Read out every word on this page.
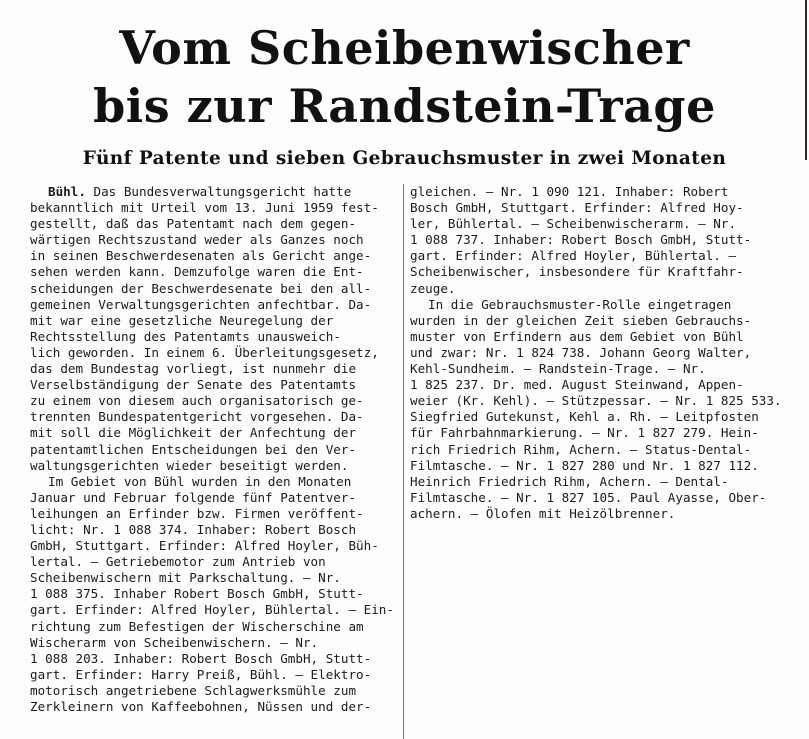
Vom Scheibenwischer
bis zur Randstein-Trage
Fünf Patente und sieben Gebrauchsmuster in zwei Monaten

Bühl. Das Bundesverwaltungsgericht hatte
bekanntlich mit Urteil vom 13. Juni 1959 fest-
gestellt, daß das Patentamt nach dem gegen-
wärtigen Rechtszustand weder als Ganzes noch
in seinen Beschwerdesenaten als Gericht ange-
sehen werden kann. Demzufolge waren die Ent-
scheidungen der Beschwerdesenate bei den all-
gemeinen Verwaltungsgerichten anfechtbar. Da-
mit war eine gesetzliche Neuregelung der
Rechtsstellung des Patentamts unausweich-
lich geworden. In einem 6. Überleitungsgesetz,
das dem Bundestag vorliegt, ist nunmehr die
Verselbständigung der Senate des Patentamts
zu einem von diesem auch organisatorisch ge-
trennten Bundespatentgericht vorgesehen. Da-
mit soll die Möglichkeit der Anfechtung der
patentamtlichen Entscheidungen bei den Ver-
waltungsgerichten wieder beseitigt werden.

Im Gebiet von Bühl wurden in den Monaten
Januar und Februar folgende fünf Patentver-
leihungen an Erfinder bzw. Firmen veröffent-
licht: Nr. 1 088 374. Inhaber: Robert Bosch
GmbH, Stuttgart. Erfinder: Alfred Hoyler, Büh-
lertal. — Getriebemotor zum Antrieb von
Scheibenwischern mit Parkschaltung. — Nr.
1 088 375. Inhaber Robert Bosch GmbH, Stutt-
gart. Erfinder: Alfred Hoyler, Bühlertal. — Ein-
richtung zum Befestigen der Wischerschine am
Wischerarm von Scheibenwischern. — Nr.
1 088 203. Inhaber: Robert Bosch GmbH, Stutt-
gart. Erfinder: Harry Preiß, Bühl. — Elektro-
motorisch angetriebene Schlagwerksmühle zum
Zerkleinern von Kaffeebohnen, Nüssen und der-

gleichen. — Nr. 1 090 121. Inhaber: Robert
Bosch GmbH, Stuttgart. Erfinder: Alfred Hoy-
ler, Bühlertal. — Scheibenwischerarm. — Nr.
1 088 737. Inhaber: Robert Bosch GmbH, Stutt-
gart. Erfinder: Alfred Hoyler, Bühlertal. —
Scheibenwischer, insbesondere für Kraftfahr-
zeuge.

In die Gebrauchsmuster-Rolle eingetragen
wurden in der gleichen Zeit sieben Gebrauchs-
muster von Erfindern aus dem Gebiet von Bühl
und zwar: Nr. 1 824 738. Johann Georg Walter,
Kehl-Sundheim. — Randstein-Trage. — Nr.
1 825 237. Dr. med. August Steinwand, Appen-
weier (Kr. Kehl). — Stützpessar. — Nr. 1 825 533.
Siegfried Gutekunst, Kehl a. Rh. — Leitpfosten
für Fahrbahnmarkierung. — Nr. 1 827 279. Hein-
rich Friedrich Rihm, Achern. — Status-Dental-
Filmtasche. — Nr. 1 827 280 und Nr. 1 827 112.
Heinrich Friedrich Rihm, Achern. — Dental-
Filmtasche. — Nr. 1 827 105. Paul Ayasse, Ober-
achern. — Ölofen mit Heizölbrenner.
